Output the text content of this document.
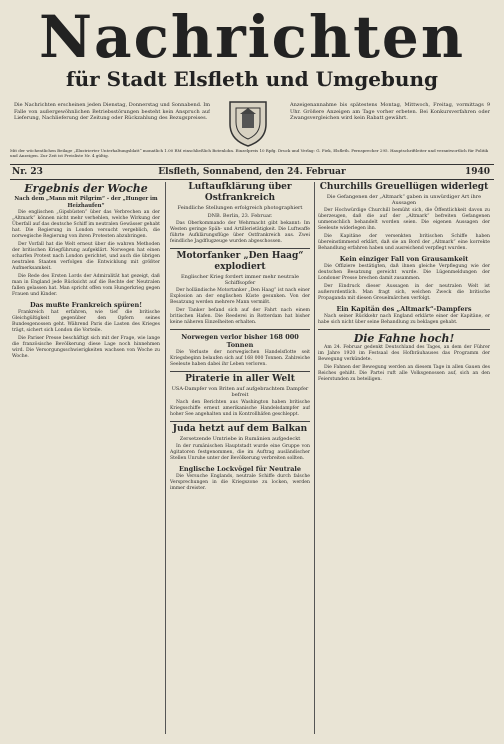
Nachrichten
für Stadt Elsfleth und Umgebung
Die Nachrichten erscheinen jeden Dienstag, Donnerstag und Sonnabend. Im Falle von außergewöhnlichen Betriebsstörungen besteht kein Anspruch auf Lieferung, Nachlieferung der Zeitung oder Rückzahlung des Bezugspreises.
Anzeigenannahme bis spätestens Montag, Mittwoch, Freitag, vormittags 9 Uhr. Größere Anzeigen am Tage vorher erbeten. Bei Konkursverfahren oder Zwangsvergleichen wird kein Rabatt gewährt.
Mit der wöchentlichen Beilage „Illustrierter Unterhaltungsblatt“ monatlich 1.00 RM einschließlich Botenlohn. Einzelpreis 10 Rpfg. Druck und Verlag: G. Fiek, Elsfleth. Fernsprecher 295. Hauptschriftleiter und verantwortlich für Politik und Anzeigen. Zur Zeit ist Preisliste Nr. 4 gültig.
Nr. 23	Elsfleth, Sonnabend, den 24. Februar	1940
Ergebnis der Woche
Nach dem „Mann mit Pilgrim“ - der „Hunger im Heizhaufen“

Die englischen „Gipsbüsten“ über das Verbrechen an der „Altmark“ können nicht mehr verhehlen, welche Wirkung der Überfall auf das deutsche Schiff im neutralen Gewässer gehabt hat. Die Regierung in London versucht vergeblich, die norwegische Regierung von ihren Protesten abzubringen.

Der Vorfall hat die Welt erneut über die wahren Methoden der britischen Kriegführung aufgeklärt. Norwegen hat einen scharfen Protest nach London gerichtet, und auch die übrigen neutralen Staaten verfolgen die Entwicklung mit größter Aufmerksamkeit.

Die Rede des Ersten Lords der Admiralität hat gezeigt, daß man in England jede Rücksicht auf die Rechte der Neutralen fallen gelassen hat. Man spricht offen vom Hungerkrieg gegen Frauen und Kinder.

Das mußte Frankreich spüren!

Frankreich hat erfahren, wie tief die britische Gleichgültigkeit gegenüber den Opfern seines Bundesgenossen geht. Während Paris die Lasten des Krieges trägt, sichert sich London die Vorteile.

Die Pariser Presse beschäftigt sich mit der Frage, wie lange die französische Bevölkerung diese Lage noch hinnehmen wird. Die Versorgungsschwierigkeiten wachsen von Woche zu Woche.

Luftaufklärung über Ostfrankreich
Feindliche Stellungen erfolgreich photographiert
DNB. Berlin, 23. Februar.

Das Oberkommando der Wehrmacht gibt bekannt: Im Westen geringe Späh- und Artillerietätigkeit. Die Luftwaffe führte Aufklärungsflüge über Ostfrankreich aus. Zwei feindliche Jagdflugzeuge wurden abgeschossen.

Motorfanker „Den Haag“ explodiert
Englischer Krieg fordert immer mehr neutrale Schiffsopfer

Der holländische Motortanker „Den Haag“ ist nach einer Explosion an der englischen Küste gesunken. Von der Besatzung werden mehrere Mann vermißt.

Der Tanker befand sich auf der Fahrt nach einem britischen Hafen. Die Reederei in Rotterdam hat bisher keine näheren Einzelheiten erhalten.

Norwegen verlor bisher 168 000 Tonnen

Die Verluste der norwegischen Handelsflotte seit Kriegsbeginn belaufen sich auf 168 000 Tonnen. Zahlreiche Seeleute haben dabei ihr Leben verloren.

Piraterie in aller Welt
USA-Dampfer von Briten auf aufgebrachtem Dampfer befreit

Nach den Berichten aus Washington haben britische Kriegsschiffe erneut amerikanische Handelsdampfer auf hoher See angehalten und in Kontrollhäfen geschleppt.

Juda hetzt auf dem Balkan
Zersetzende Umtriebe in Rumänien aufgedeckt

In der rumänischen Hauptstadt wurde eine Gruppe von Agitatoren festgenommen, die im Auftrag ausländischer Stellen Unruhe unter der Bevölkerung verbreiten sollten.

Englische Lockvögel für Neutrale

Die Versuche Englands, neutrale Schiffe durch falsche Versprechungen in die Kriegszone zu locken, werden immer dreister.

Churchills Greuellügen widerlegt
Die Gefangenen der „Altmark“ gaben in unwürdiger Art ihre Aussagen

Der Hochwürdige Churchill bemüht sich, die Öffentlichkeit davon zu überzeugen, daß die auf der „Altmark“ befreiten Gefangenen unmenschlich behandelt worden seien. Die eigenen Aussagen der Seeleute widerlegen ihn.

Die Kapitäne der versenkten britischen Schiffe haben übereinstimmend erklärt, daß sie an Bord der „Altmark“ eine korrekte Behandlung erfahren haben und ausreichend verpflegt wurden.

Kein einziger Fall von Grausamkeit

Die Offiziere bestätigten, daß ihnen gleiche Verpflegung wie der deutschen Besatzung gereicht wurde. Die Lügenmeldungen der Londoner Presse brechen damit zusammen.

Der Eindruck dieser Aussagen in der neutralen Welt ist außerordentlich. Man fragt sich, welchen Zweck die britische Propaganda mit diesen Greuelmärchen verfolgt.

Ein Kapitän des „Altmark“-Dampfers

Nach seiner Rückkehr nach England erklärte einer der Kapitäne, er habe sich nicht über seine Behandlung zu beklagen gehabt.

Die Fahne hoch!

Am 24. Februar gedenkt Deutschland des Tages, an dem der Führer im Jahre 1920 im Festsaal des Hofbräuhauses das Programm der Bewegung verkündete.

Die Fahnen der Bewegung werden an diesem Tage in allen Gauen des Reiches gehißt. Die Partei ruft alle Volksgenossen auf, sich an den Feierstunden zu beteiligen.
